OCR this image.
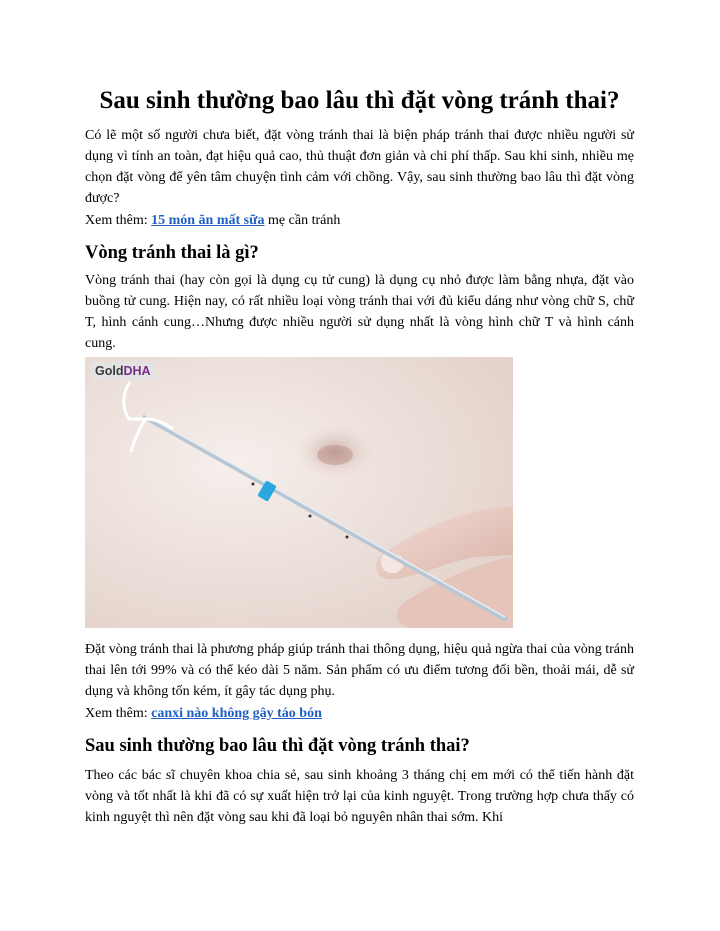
Sau sinh thường bao lâu thì đặt vòng tránh thai?

Có lẽ một số người chưa biết, đặt vòng tránh thai là biện pháp tránh thai được nhiều người sử dụng vì tính an toàn, đạt hiệu quả cao, thủ thuật đơn giản và chi phí thấp. Sau khi sinh, nhiều mẹ chọn đặt vòng để yên tâm chuyện tình cảm với chồng. Vậy, sau sinh thường bao lâu thì đặt vòng được?

Xem thêm: 15 món ăn mất sữa mẹ cần tránh

Vòng tránh thai là gì?

Vòng tránh thai (hay còn gọi là dụng cụ tử cung) là dụng cụ nhỏ được làm bằng nhựa, đặt vào buồng tử cung. Hiện nay, có rất nhiều loại vòng tránh thai với đủ kiểu dáng như vòng chữ S, chữ T, hình cánh cung…Nhưng được nhiều người sử dụng nhất là vòng hình chữ T và hình cánh cung.

GoldDHA

Đặt vòng tránh thai là phương pháp giúp tránh thai thông dụng, hiệu quả ngừa thai của vòng tránh thai lên tới 99% và có thể kéo dài 5 năm. Sản phẩm có ưu điểm tương đối bền, thoải mái, dễ sử dụng và không tốn kém, ít gây tác dụng phụ.

Xem thêm: canxi nào không gây táo bón

Sau sinh thường bao lâu thì đặt vòng tránh thai?

Theo các bác sĩ chuyên khoa chia sẻ, sau sinh khoảng 3 tháng chị em mới có thể tiến hành đặt vòng và tốt nhất là khi đã có sự xuất hiện trở lại của kinh nguyệt. Trong trường hợp chưa thấy có kinh nguyệt thì nên đặt vòng sau khi đã loại bỏ nguyên nhân thai sớm. Khi
